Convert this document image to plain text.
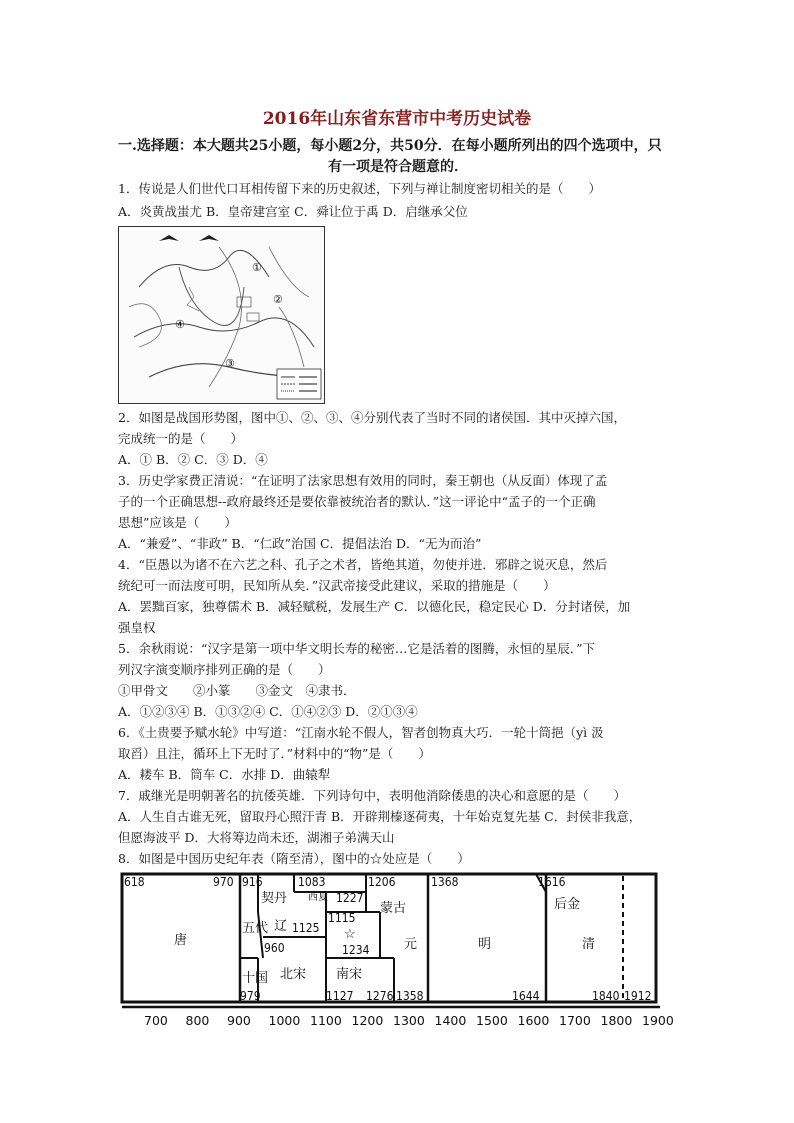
2016年山东省东营市中考历史试卷
一.选择题：本大题共25小题，每小题2分，共50分．在每小题所列出的四个选项中，只
有一项是符合题意的．
1．传说是人们世代口耳相传留下来的历史叙述，下列与禅让制度密切相关的是（　　）
A．炎黄战蚩尤 B．皇帝建宫室 C．舜让位于禹 D．启继承父位
①
②
③
④
2．如图是战国形势图，图中①、②、③、④分别代表了当时不同的诸侯国．其中灭掉六国，
完成统一的是（　　）
A．① B．② C．③ D．④
3．历史学家费正清说：“在证明了法家思想有效用的同时，秦王朝也（从反面）体现了孟
子的一个正确思想--政府最终还是要依靠被统治者的默认．”这一评论中“孟子的一个正确
思想”应该是（　　）
A．“兼爱”、“非政” B．“仁政”治国 C．提倡法治 D．“无为而治”
4．“臣愚以为诸不在六艺之科、孔子之术者，皆绝其道，勿使并进．邪辟之说灭息，然后
统纪可一而法度可明，民知所从矣．”汉武帝接受此建议，采取的措施是（　　）
A．罢黜百家，独尊儒术 B．减轻赋税，发展生产 C．以德化民，稳定民心 D．分封诸侯，加
强皇权
5．余秋雨说：“汉字是第一项中华文明长寿的秘密…它是活着的图腾，永恒的星辰．”下
列汉字演变顺序排列正确的是（　　）
①甲骨文　　②小篆　　③金文　④隶书．
A．①②③④ B．①③②④ C．①④②③ D．②①③④
6．《土贵要予赋水轮》中写道：“江南水轮不假人，智者创物真大巧．一轮十筒挹（yì 汲
取舀）且注，循环上下无时了．”材料中的“物”是（　　）
A．耧车 B．筒车 C．水排 D．曲辕犁
7．戚继光是明朝著名的抗倭英雄．下列诗句中，表明他消除倭患的决心和意愿的是（　　）
A．人生自古谁无死，留取丹心照汗青 B．开辟荆榛逐荷夷，十年始克复先基 C．封侯非我意，
但愿海波平 D．大将筹边尚未还，湖湘子弟满天山
8．如图是中国历史纪年表（隋至清），图中的☆处应是（　　）
618	970
唐
916
契丹
五代
十国
979
辽 1125
960
北宋
1127
1083
西夏 1227
1115
☆
1234
南宋
1276
1206
蒙古
元
1358
1368
明
1644
1616
后金
清
1840 1912
700 800 900 1000 1100 1200 1300 1400 1500 1600 1700 1800 1900
